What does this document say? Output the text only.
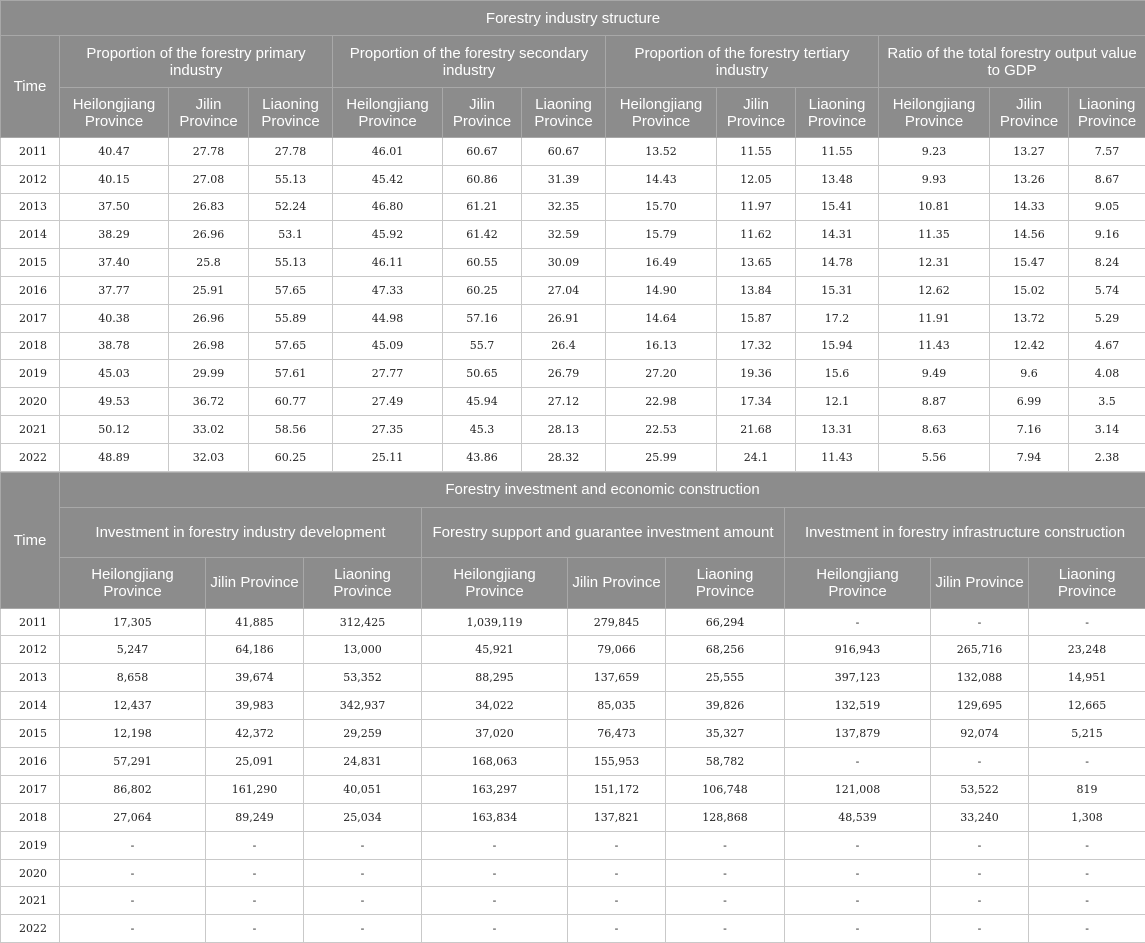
Forestry industry structure												
Time	Proportion of the forestry primary industry			Proportion of the forestry secondary industry			Proportion of the forestry tertiary industry			Ratio of the total forestry output value to GDP		
	Heilongjiang Province	Jilin Province	Liaoning Province	Heilongjiang Province	Jilin Province	Liaoning Province	Heilongjiang Province	Jilin Province	Liaoning Province	Heilongjiang Province	Jilin Province	Liaoning Province
2011	40.47	27.78	27.78	46.01	60.67	60.67	13.52	11.55	11.55	9.23	13.27	7.57
2012	40.15	27.08	55.13	45.42	60.86	31.39	14.43	12.05	13.48	9.93	13.26	8.67
2013	37.50	26.83	52.24	46.80	61.21	32.35	15.70	11.97	15.41	10.81	14.33	9.05
2014	38.29	26.96	53.1	45.92	61.42	32.59	15.79	11.62	14.31	11.35	14.56	9.16
2015	37.40	25.8	55.13	46.11	60.55	30.09	16.49	13.65	14.78	12.31	15.47	8.24
2016	37.77	25.91	57.65	47.33	60.25	27.04	14.90	13.84	15.31	12.62	15.02	5.74
2017	40.38	26.96	55.89	44.98	57.16	26.91	14.64	15.87	17.2	11.91	13.72	5.29
2018	38.78	26.98	57.65	45.09	55.7	26.4	16.13	17.32	15.94	11.43	12.42	4.67
2019	45.03	29.99	57.61	27.77	50.65	26.79	27.20	19.36	15.6	9.49	9.6	4.08
2020	49.53	36.72	60.77	27.49	45.94	27.12	22.98	17.34	12.1	8.87	6.99	3.5
2021	50.12	33.02	58.56	27.35	45.3	28.13	22.53	21.68	13.31	8.63	7.16	3.14
2022	48.89	32.03	60.25	25.11	43.86	28.32	25.99	24.1	11.43	5.56	7.94	2.38
Time	Forestry investment and economic construction								
	Investment in forestry industry development			Forestry support and guarantee investment amount			Investment in forestry infrastructure construction		
	Heilongjiang Province	Jilin Province	Liaoning Province	Heilongjiang Province	Jilin Province	Liaoning Province	Heilongjiang Province	Jilin Province	Liaoning Province
2011	17,305	41,885	312,425	1,039,119	279,845	66,294	-	-	-
2012	5,247	64,186	13,000	45,921	79,066	68,256	916,943	265,716	23,248
2013	8,658	39,674	53,352	88,295	137,659	25,555	397,123	132,088	14,951
2014	12,437	39,983	342,937	34,022	85,035	39,826	132,519	129,695	12,665
2015	12,198	42,372	29,259	37,020	76,473	35,327	137,879	92,074	5,215
2016	57,291	25,091	24,831	168,063	155,953	58,782	-	-	-
2017	86,802	161,290	40,051	163,297	151,172	106,748	121,008	53,522	819
2018	27,064	89,249	25,034	163,834	137,821	128,868	48,539	33,240	1,308
2019	-	-	-	-	-	-	-	-	-
2020	-	-	-	-	-	-	-	-	-
2021	-	-	-	-	-	-	-	-	-
2022	-	-	-	-	-	-	-	-	-
